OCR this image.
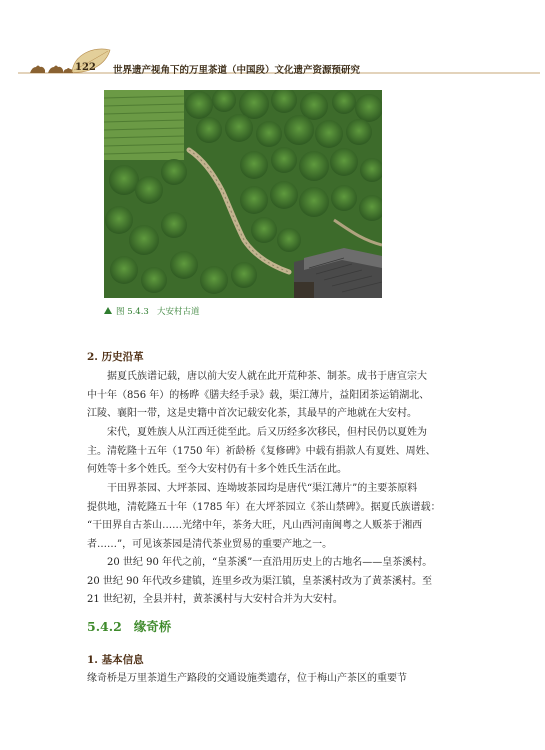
122 世界遗产视角下的万里茶道（中国段）文化遗产资源预研究
图 5.4.3 大安村古道
2. 历史沿革
据夏氏族谱记载，唐以前大安人就在此开荒种茶、制茶。成书于唐宣宗大
中十年（856 年）的杨晔《膳夫经手录》载，渠江薄片，益阳团茶运销湖北、
江陵、襄阳一带，这是史籍中首次记载安化茶，其最早的产地就在大安村。
宋代，夏姓族人从江西迁徙至此。后又历经多次移民，但村民仍以夏姓为
主。清乾隆十五年（1750 年）祈龄桥《复修碑》中载有捐款人有夏姓、周姓、
何姓等十多个姓氏。至今大安村仍有十多个姓氏生活在此。
干田界茶园、大坪茶园、连坳坡茶园均是唐代“渠江薄片”的主要茶原料
提供地，清乾隆五十年（1785 年）在大坪茶园立《茶山禁碑》。据夏氏族谱载：
“干田界自古茶山……光绪中年，茶务大旺，凡山西河南闽粤之人贩茶于湘西
者……”，可见该茶园是清代茶业贸易的重要产地之一。
20 世纪 90 年代之前，“皇茶溪”一直沿用历史上的古地名——皇茶溪村。
20 世纪 90 年代改乡建镇，连里乡改为渠江镇，皇茶溪村改为了黄茶溪村。至
21 世纪初，全县并村，黄茶溪村与大安村合并为大安村。
5.4.2 缘奇桥
1. 基本信息
缘奇桥是万里茶道生产路段的交通设施类遗存，位于梅山产茶区的重要节
